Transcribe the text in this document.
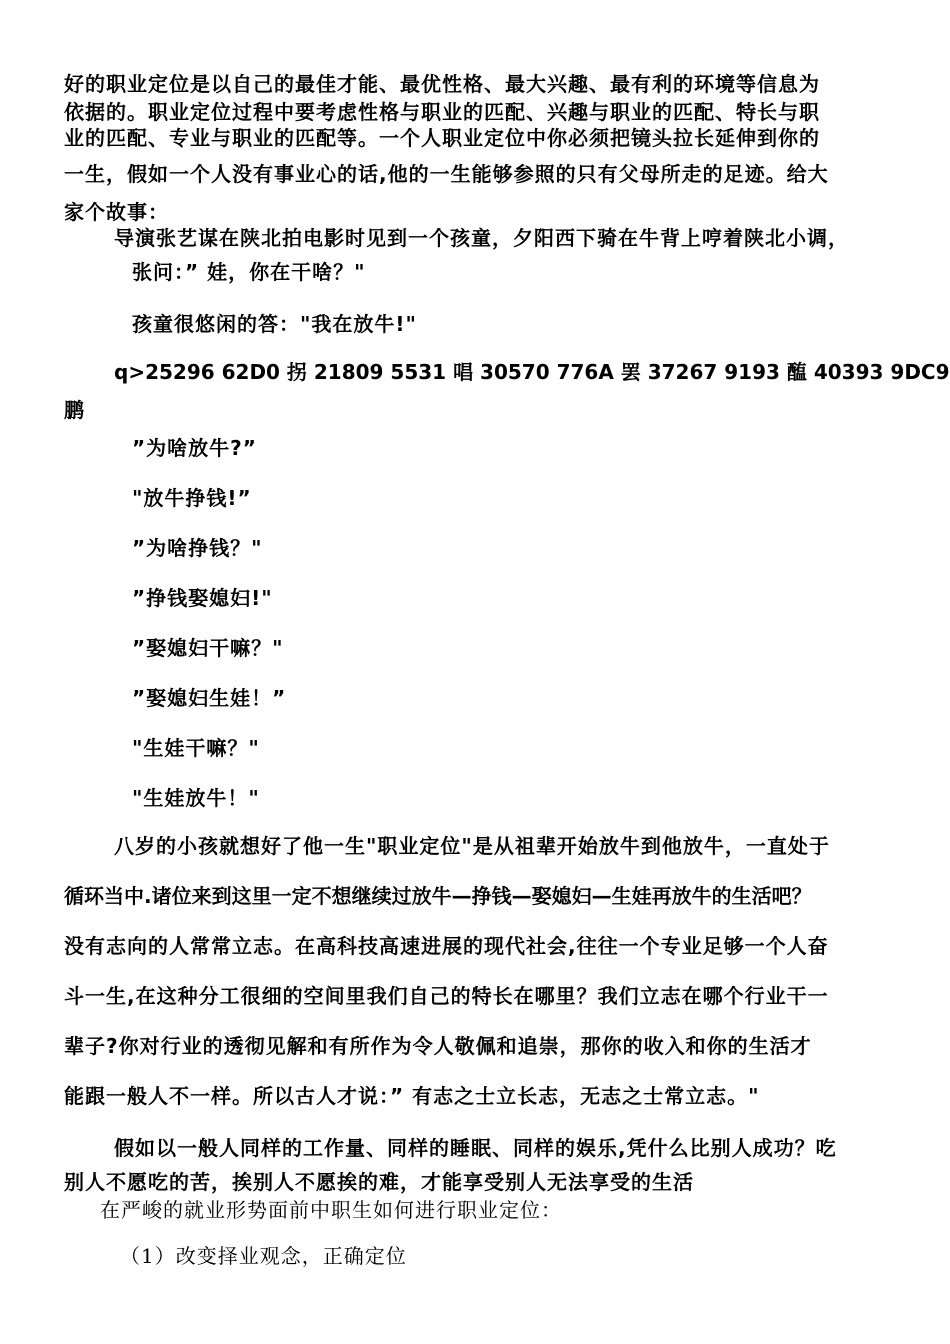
好的职业定位是以自己的最佳才能、最优性格、最大兴趣、最有利的环境等信息为
依据的。职业定位过程中要考虑性格与职业的匹配、兴趣与职业的匹配、特长与职
业的匹配、专业与职业的匹配等。一个人职业定位中你必须把镜头拉长延伸到你的
一生，假如一个人没有事业心的话,他的一生能够参照的只有父母所走的足迹。给大
家个故事：
导演张艺谋在陕北拍电影时见到一个孩童，夕阳西下骑在牛背上哼着陕北小调，
张问：” 娃，你在干啥？"
孩童很悠闲的答："我在放牛!"
q>25296 62D0 拐 21809 5531 唱 30570 776A 罢 37267 9193 醢 40393 9DC9
鹏
”为啥放牛?”
"放牛挣钱!”
”为啥挣钱？"
”挣钱娶媳妇!"
”娶媳妇干嘛？"
”娶媳妇生娃！”
"生娃干嘛？"
"生娃放牛！"
八岁的小孩就想好了他一生"职业定位"是从祖辈开始放牛到他放牛，一直处于
循环当中.诸位来到这里一定不想继续过放牛—挣钱—娶媳妇—生娃再放牛的生活吧？
没有志向的人常常立志。在高科技高速进展的现代社会,往往一个专业足够一个人奋
斗一生,在这种分工很细的空间里我们自己的特长在哪里？我们立志在哪个行业干一
辈子?你对行业的透彻见解和有所作为令人敬佩和追崇，那你的收入和你的生活才
能跟一般人不一样。所以古人才说：” 有志之士立长志，无志之士常立志。"
假如以一般人同样的工作量、同样的睡眠、同样的娱乐,凭什么比别人成功？吃
别人不愿吃的苦，挨别人不愿挨的难，才能享受别人无法享受的生活
在严峻的就业形势面前中职生如何进行职业定位：
（1）改变择业观念，正确定位
